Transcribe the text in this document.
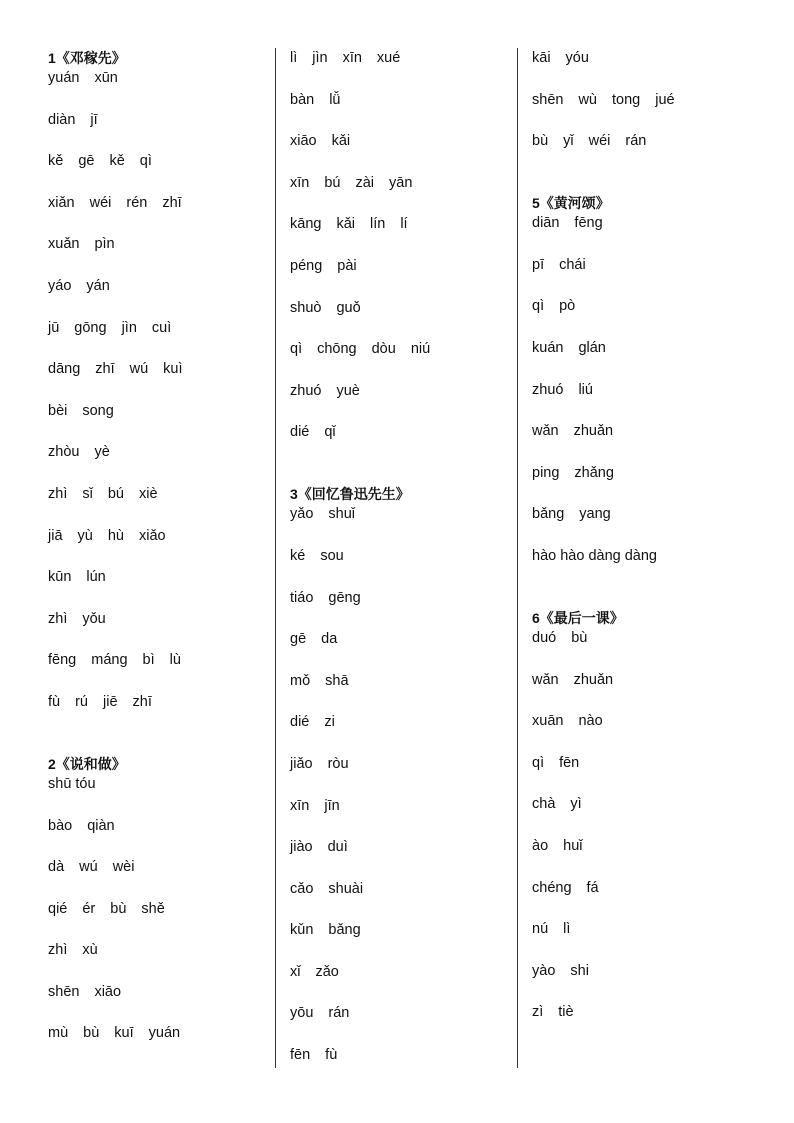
1《邓稼先》
yuán xūn
diàn jī
kě gē kě qì
xiǎn wéi rén zhī
xuǎn pìn
yáo yán
jū gōng jìn cuì
dāng zhī wú kuì
bèi song
zhòu yè
zhì sǐ bú xiè
jiā yù hù xiǎo
kūn lún
zhì yǒu
fēng máng bì lù
fù rú jiē zhī
2《说和做》
shū tóu
bào qiàn
dà wú wèi
qié ér bù shě
zhì xù
shēn xiāo
mù bù kuī yuán
lì jìn xīn xué
bàn lǚ
xiāo kǎi
xīn bú zài yān
kāng kǎi lín lí
péng pài
shuò guǒ
qì chōng dòu niú
zhuó yuè
dié qǐ
3《回忆鲁迅先生》
yǎo shuǐ
ké sou
tiáo gēng
gē da
mǒ shā
dié zi
jiǎo ròu
xīn jīn
jiào duì
cǎo shuài
kǔn bǎng
xǐ zǎo
yōu rán
fēn fù
kāi yóu
shēn wù tong jué
bù yǐ wéi rán
5《黄河颂》
diān fēng
pī chái
qì pò
kuán glán
zhuó liú
wǎn zhuǎn
ping zhǎng
bǎng yang
hào hào dàng dàng
6《最后一课》
duó bù
wǎn zhuǎn
xuān nào
qì fēn
chà yì
ào huǐ
chéng fá
nú lì
yào shi
zì tiè
